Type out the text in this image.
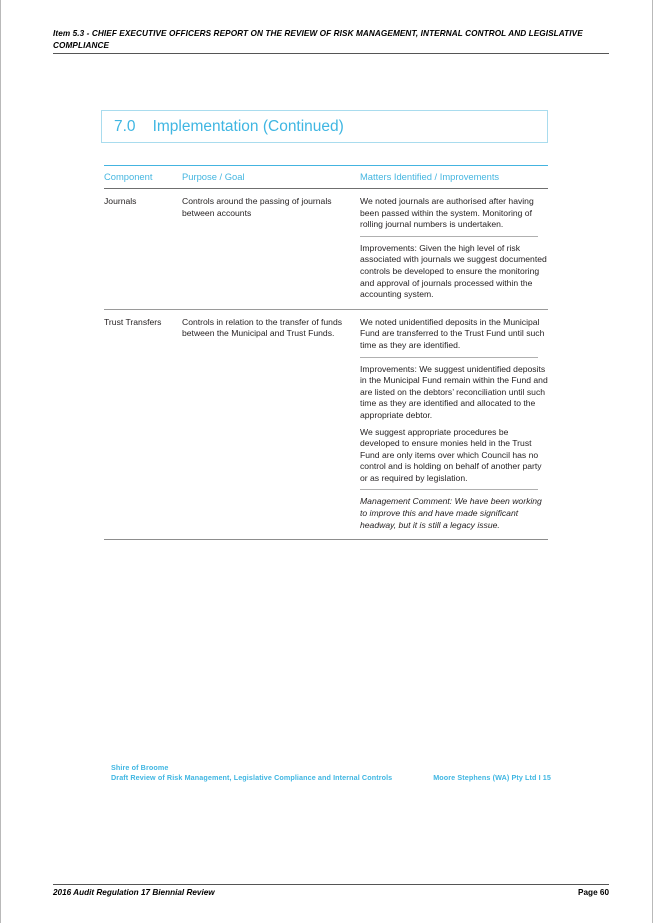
Item 5.3 - CHIEF EXECUTIVE OFFICERS REPORT ON THE REVIEW OF RISK MANAGEMENT, INTERNAL CONTROL AND LEGISLATIVE COMPLIANCE
7.0	Implementation (Continued)
Component	Purpose / Goal	Matters Identified / Improvements
Journals	Controls around the passing of journals between accounts
We noted journals are authorised after having been passed within the system. Monitoring of rolling journal numbers is undertaken.
Improvements: Given the high level of risk associated with journals we suggest documented controls be developed to ensure the monitoring and approval of journals processed within the accounting system.
Trust Transfers	Controls in relation to the transfer of funds between the Municipal and Trust Funds.
We noted unidentified deposits in the Municipal Fund are transferred to the Trust Fund until such time as they are identified.
Improvements: We suggest unidentified deposits in the Municipal Fund remain within the Fund and are listed on the debtors’ reconciliation until such time as they are identified and allocated to the appropriate debtor.
We suggest appropriate procedures be developed to ensure monies held in the Trust Fund are only items over which Council has no control and is holding on behalf of another party or as required by legislation.
Management Comment: We have been working to improve this and have made significant headway, but it is still a legacy issue.
Shire of Broome
Draft Review of Risk Management, Legislative Compliance and Internal Controls	Moore Stephens (WA) Pty Ltd I 15
2016 Audit Regulation 17 Biennial Review	Page 60
